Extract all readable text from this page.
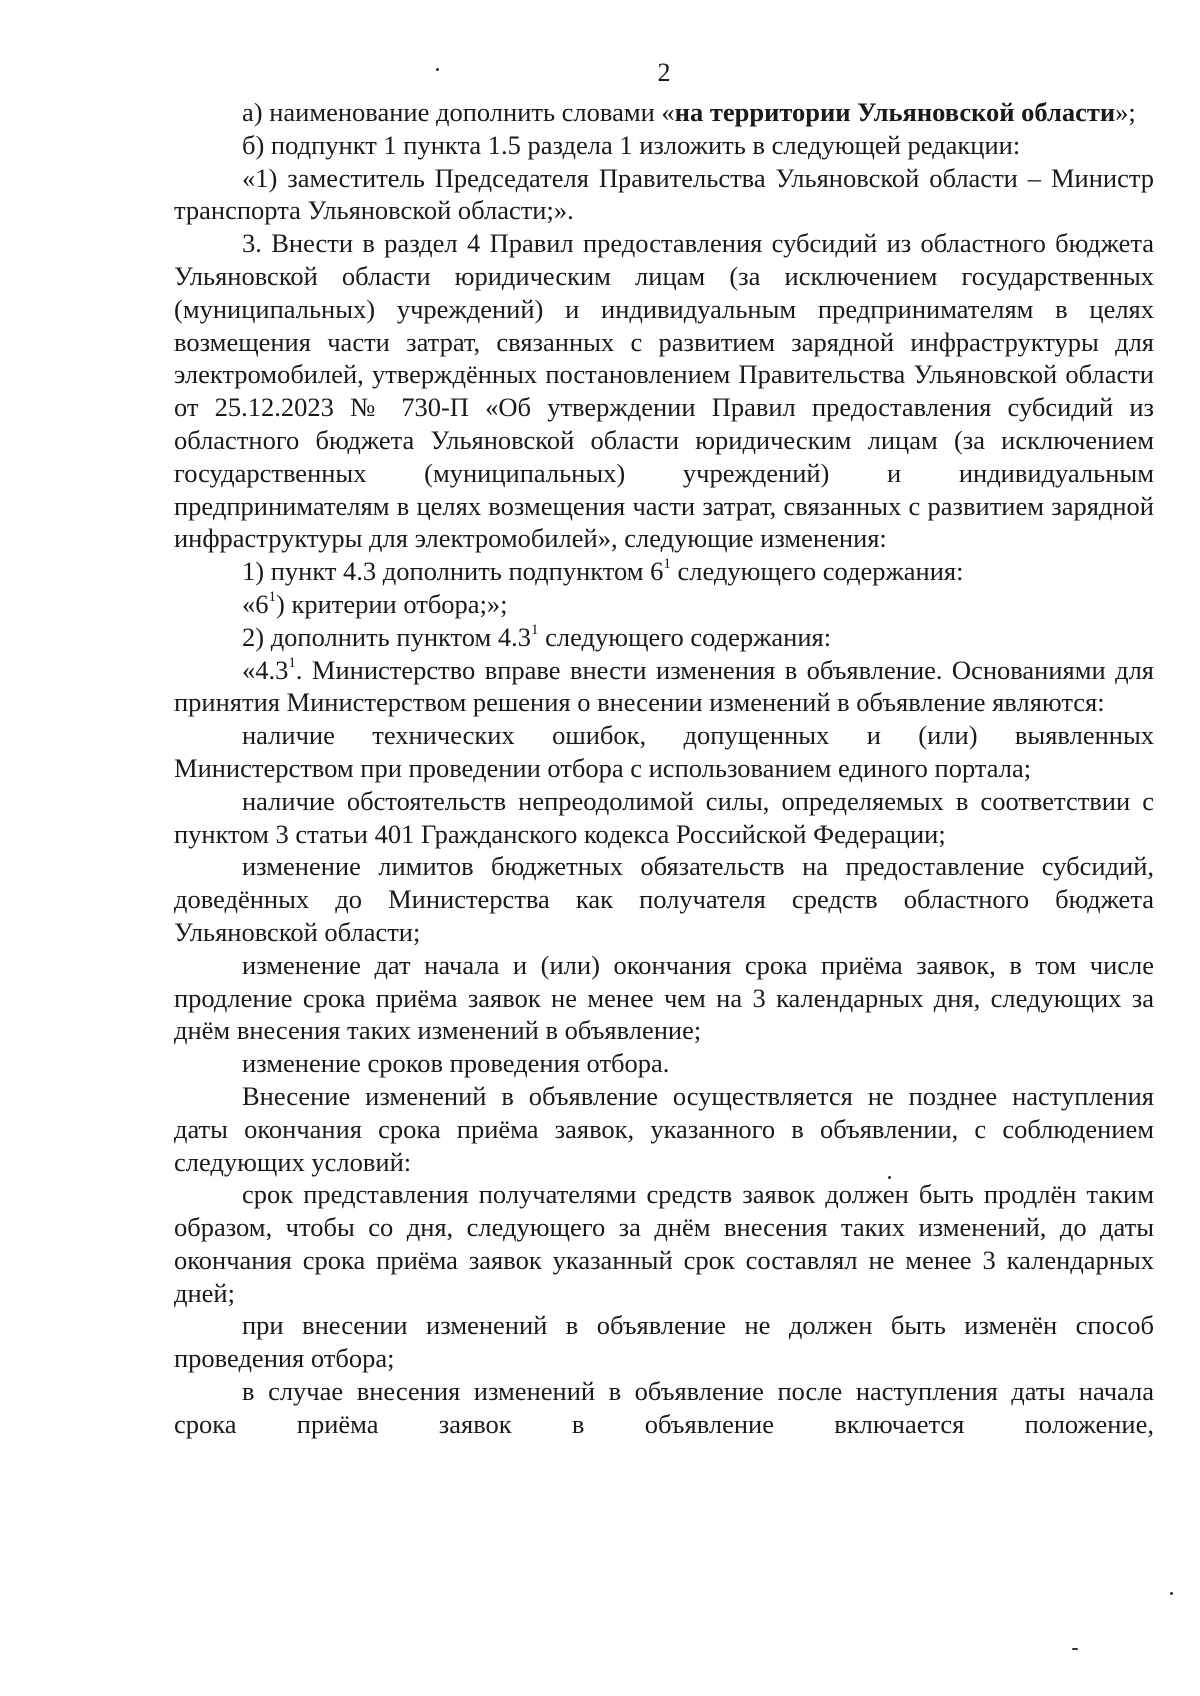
2

а) наименование дополнить словами «на территории Ульяновской области»;

б) подпункт 1 пункта 1.5 раздела 1 изложить в следующей редакции:

«1) заместитель Председателя Правительства Ульяновской области – Министр транспорта Ульяновской области;».

3. Внести в раздел 4 Правил предоставления субсидий из областного бюджета Ульяновской области юридическим лицам (за исключением государственных (муниципальных) учреждений) и индивидуальным предпринимателям в целях возмещения части затрат, связанных с развитием зарядной инфраструктуры для электромобилей, утверждённых постановлением Правительства Ульяновской области от 25.12.2023 № 730-П «Об утверждении Правил предоставления субсидий из областного бюджета Ульяновской области юридическим лицам (за исключением государственных (муниципальных) учреждений) и индивидуальным предпринимателям в целях возмещения части затрат, связанных с развитием зарядной инфраструктуры для электромобилей», следующие изменения:

1) пункт 4.3 дополнить подпунктом $6^1$ следующего содержания:

«$6^1$) критерии отбора;»;

2) дополнить пунктом $4.3^1$ следующего содержания:

«$4.3^1$. Министерство вправе внести изменения в объявление. Основаниями для принятия Министерством решения о внесении изменений в объявление являются:

наличие технических ошибок, допущенных и (или) выявленных Министерством при проведении отбора с использованием единого портала;

наличие обстоятельств непреодолимой силы, определяемых в соответствии с пунктом 3 статьи 401 Гражданского кодекса Российской Федерации;

изменение лимитов бюджетных обязательств на предоставление субсидий, доведённых до Министерства как получателя средств областного бюджета Ульяновской области;

изменение дат начала и (или) окончания срока приёма заявок, в том числе продление срока приёма заявок не менее чем на 3 календарных дня, следующих за днём внесения таких изменений в объявление;

изменение сроков проведения отбора.

Внесение изменений в объявление осуществляется не позднее наступления даты окончания срока приёма заявок, указанного в объявлении, с соблюдением следующих условий:

срок представления получателями средств заявок должен быть продлён таким образом, чтобы со дня, следующего за днём внесения таких изменений, до даты окончания срока приёма заявок указанный срок составлял не менее 3 календарных дней;

при внесении изменений в объявление не должен быть изменён способ проведения отбора;

в случае внесения изменений в объявление после наступления даты начала срока приёма заявок в объявление включается положение,
